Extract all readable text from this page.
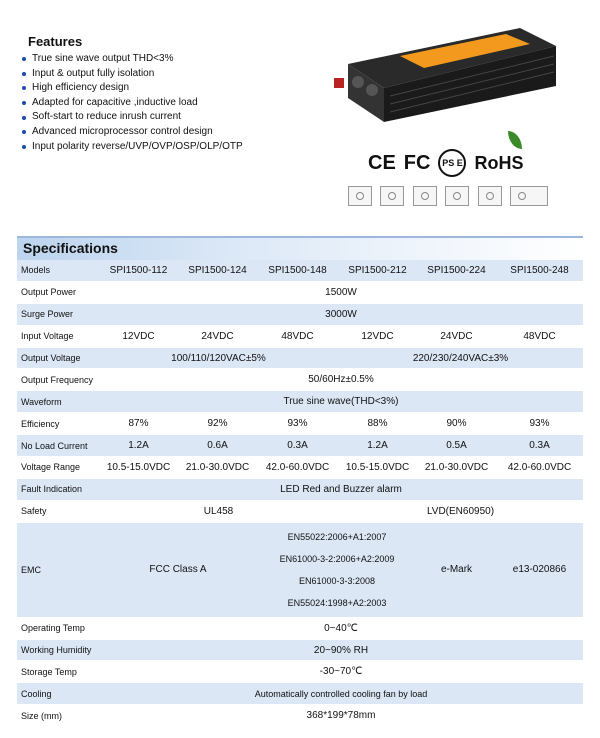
Features
True sine wave output THD<3%
Input & output fully isolation
High efficiency design
Adapted for capacitive ,inductive load
Soft-start to reduce inrush current
Advanced microprocessor control design
Input polarity reverse/UVP/OVP/OSP/OLP/OTP
CE FC	PS E RoHS
Specifications
Models	SPI1500-112	SPI1500-124	SPI1500-148	SPI1500-212	SPI1500-224	SPI1500-248
Output Power	1500W					
Surge Power	3000W					
Input Voltage	12VDC	24VDC	48VDC	12VDC	24VDC	48VDC
Output Voltage	100/110/120VAC±5%			220/230/240VAC±3%		
Output Frequency	50/60Hz±0.5%					
Waveform	True sine wave(THD<3%)					
Efficiency	87%	92%	93%	88%	90%	93%
No Load Current	1.2A	0.6A	0.3A	1.2A	0.5A	0.3A
Voltage Range	10.5-15.0VDC	21.0-30.0VDC	42.0-60.0VDC	10.5-15.0VDC	21.0-30.0VDC	42.0-60.0VDC
Fault Indication	LED Red and Buzzer alarm					
Safety	UL458			LVD(EN60950)		
EMC	FCC Class A		EN55022:2006+A1:2007
EN61000-3-2:2006+A2:2009
EN61000-3-3:2008
EN55024:1998+A2:2003		e-Mark	e13-020866
Operating Temp	0~40℃					
Working Humidity	20~90% RH					
Storage Temp	-30~70℃					
Cooling	Automatically controlled cooling fan by load					
Size (mm)	368*199*78mm					
